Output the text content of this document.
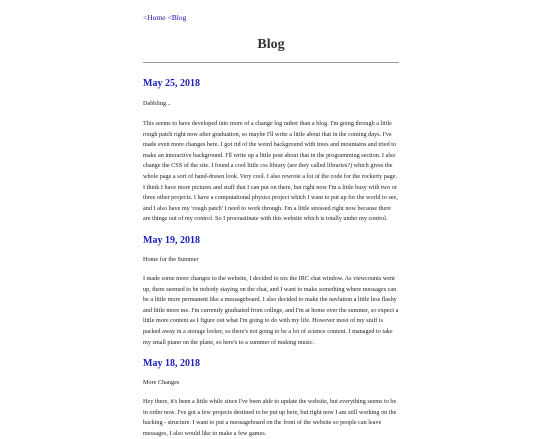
<Home <Blog
Blog
May 25, 2018
Dabbling...
This seems to have developed into more of a change log rather than a blog. I'm going through a little rough patch right now after graduation, so maybe I'll write a little about that in the coming days. I've made even more changes here. I got rid of the weird background with trees and mountains and tried to make an interactive background. I'll write up a little post about that in the programming section. I also change the CSS of the site. I found a cool little css library (are they called libraries?) which gives the whole page a sort of hand-drawn look. Very cool. I also rewrote a lot of the code for the rockerty page. I think I have more pictures and stuff that I can put on there, but right now I'm a little busy with two or three other projects. I have a computational physics project which I want to put up for the world to see, and I also have my 'rough patch' I need to work through. I'm a little stressed right now because there are things out of my control. So I procrastinate with this website which is totally under my control.
May 19, 2018
Home for the Summer
I made some more changes to the website, I decided to nix the IRC chat window. As viewcounts went up, there seemed to be nobody staying on the chat, and I want to make something where messages can be a little more permanent like a messageboard. I also decided to make the navlation a little less flashy and little more me. I'm currently graduated from college, and I'm at home over the summer, so expect a little more content as I figure out what I'm going to do with my life. However most of my stuff is packed away in a storage locker, so there's not going to be a lot of science content. I managed to take my small piano on the plane, so here's to a summer of making music.
May 18, 2018
More Changes
Hey there, it's been a little while since I've been able to update the website, but everything seems to be in order now. I've got a few projects destined to be put up here, but right now I am still working on the backing - structure. I want to put a messageboard on the front of the website so people can leave messages, I also would like to make a few games.
